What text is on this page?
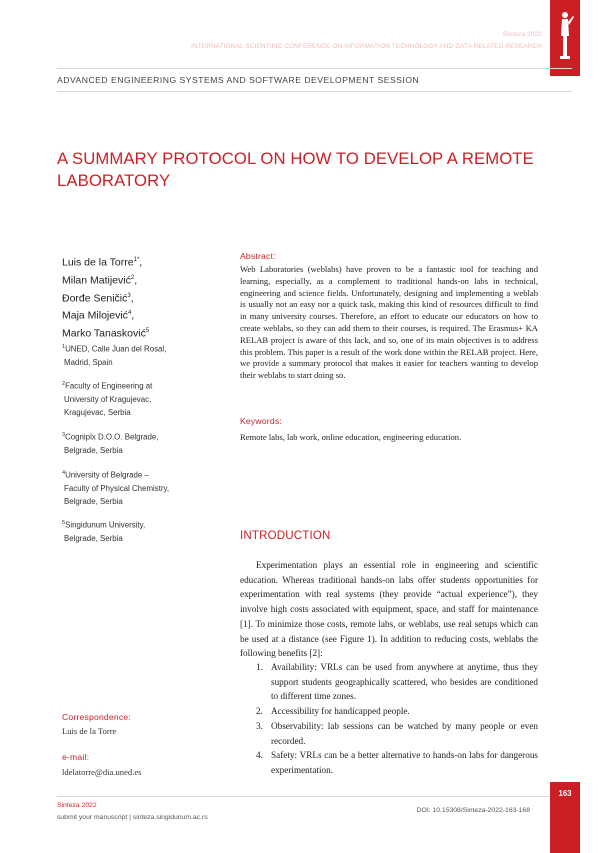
Sinteza 2022
INTERNATIONAL SCIENTIFIC CONFERENCE ON INFORMATION TECHNOLOGY AND DATA RELATED RESEARCH
ADVANCED ENGINEERING SYSTEMS AND SOFTWARE DEVELOPMENT SESSION
A SUMMARY PROTOCOL ON HOW TO DEVELOP A REMOTE
LABORATORY
Luis de la Torre$^{1*}$,
Milan Matijević$^2$,
Đorđe Seničić$^3$,
Maja Milojević$^4$,
Marko Tanasković$^5$
$^1$UNED, Calle Juan del Rosal,
Madrid, Spain
$^2$Faculty of Engineering at
University of Kragujevac,
Kragujevac, Serbia
$^3$Cogniplx D.O.O. Belgrade,
Belgrade, Serbia
$^4$University of Belgrade –
Faculty of Physical Chemistry,
Belgrade, Serbia
$^5$Singidunum University,
Belgrade, Serbia
Correspondence:
Luis de la Torre
e-mail:
ldelatorre@dia.uned.es
Abstract:
Web Laboratories (weblabs) have proven to be a fantastic tool for teaching and learning, especially, as a complement to traditional hands-on labs in technical, engineering and science fields. Unfortunately, designing and implementing a weblab is usually not an easy nor a quick task, making this kind of resources difficult to find in many university courses. Therefore, an effort to educate our educators on how to create weblabs, so they can add them to their courses, is required. The Erasmus+ KA RELAB project is aware of this lack, and so, one of its main objectives is to address this problem. This paper is a result of the work done within the RELAB project. Here, we provide a summary protocol that makes it easier for teachers wanting to develop their weblabs to start doing so.
Keywords:
Remote labs, lab work, online education, engineering education.
INTRODUCTION
Experimentation plays an essential role in engineering and scientific education. Whereas traditional hands-on labs offer students opportunities for experimentation with real systems (they provide “actual experience”), they involve high costs associated with equipment, space, and staff for maintenance [1]. To minimize those costs, remote labs, or weblabs, use real setups which can be used at a distance (see Figure 1). In addition to reducing costs, weblabs the following benefits [2]:
1. Availability: VRLs can be used from anywhere at anytime, thus they support students geographically scattered, who besides are conditioned to different time zones.
2. Accessibility for handicapped people.
3. Observability: lab sessions can be watched by many people or even recorded.
4. Safety: VRLs can be a better alternative to hands-on labs for dangerous experimentation.
Sinteza 2022
submit your manuscript | sinteza.singidunum.ac.rs
DOI: 10.15308/Sinteza-2022-163-168
163
